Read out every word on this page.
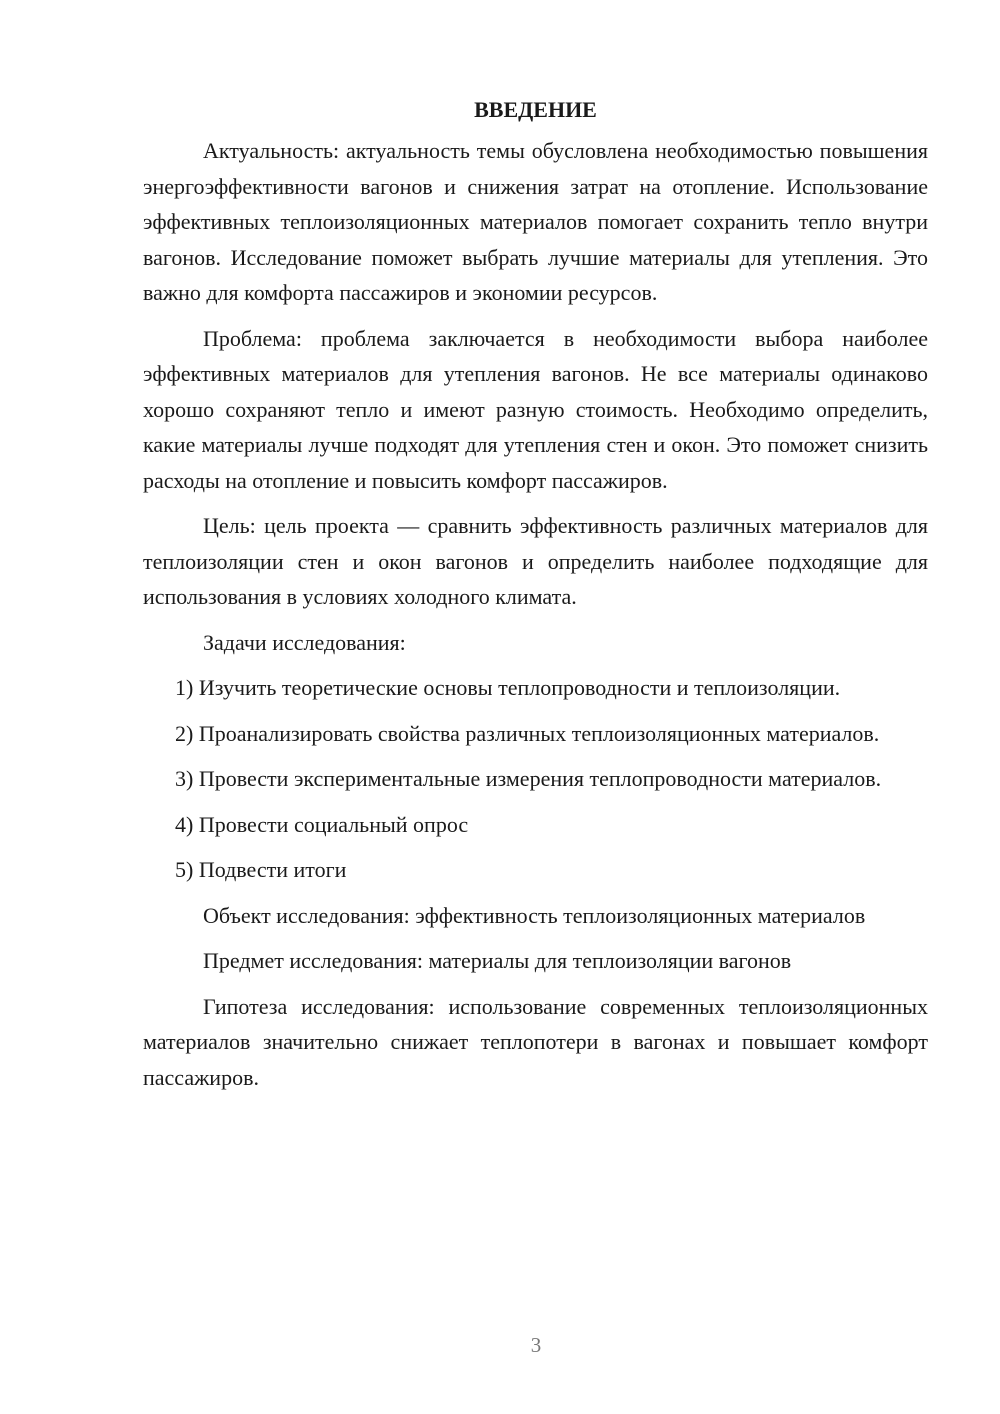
ВВЕДЕНИЕ

Актуальность: актуальность темы обусловлена необходимостью повышения энергоэффективности вагонов и снижения затрат на отопление. Использование эффективных теплоизоляционных материалов помогает сохранить тепло внутри вагонов. Исследование поможет выбрать лучшие материалы для утепления. Это важно для комфорта пассажиров и экономии ресурсов.

Проблема: проблема заключается в необходимости выбора наиболее эффективных материалов для утепления вагонов. Не все материалы одинаково хорошо сохраняют тепло и имеют разную стоимость. Необходимо определить, какие материалы лучше подходят для утепления стен и окон. Это поможет снизить расходы на отопление и повысить комфорт пассажиров.

Цель: цель проекта — сравнить эффективность различных материалов для теплоизоляции стен и окон вагонов и определить наиболее подходящие для использования в условиях холодного климата.

Задачи исследования:

1) Изучить теоретические основы теплопроводности и теплоизоляции.

2) Проанализировать свойства различных теплоизоляционных материалов.

3) Провести экспериментальные измерения теплопроводности материалов.

4) Провести социальный опрос

5) Подвести итоги

Объект исследования: эффективность теплоизоляционных материалов

Предмет исследования: материалы для теплоизоляции вагонов

Гипотеза исследования: использование современных теплоизоляционных материалов значительно снижает теплопотери в вагонах и повышает комфорт пассажиров.

3
